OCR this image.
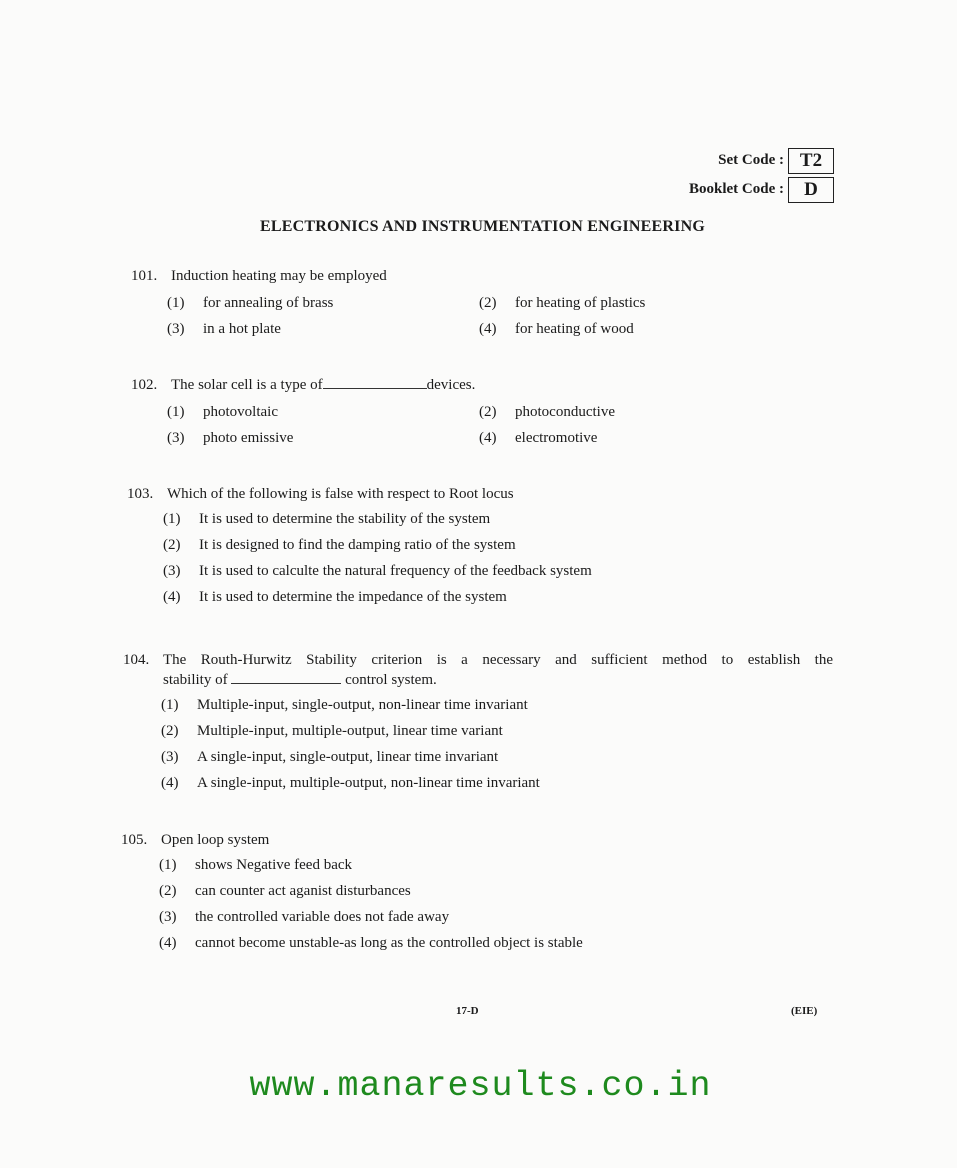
Set Code : T2
Booklet Code :	D
ELECTRONICS AND INSTRUMENTATION ENGINEERING
101. Induction heating may be employed
(1)	for annealing of brass	(2)	for heating of plastics
(3)	in a hot plate	(4)	for heating of wood
102. The solar cell is a type of	devices.
(1)	photovoltaic	(2)	photoconductive
(3)	photo emissive	(4)	electromotive
103. Which of the following is false with respect to Root locus
(1)	It is used to determine the stability of the system
(2)	It is designed to find the damping ratio of the system
(3)	It is used to calculte the natural frequency of the feedback system
(4)	It is used to determine the impedance of the system
104. The Routh-Hurwitz Stability criterion is a necessary and sufficient method to establish the
stability of	control system.
(1)	Multiple-input, single-output, non-linear time invariant
(2)	Multiple-input, multiple-output, linear time variant
(3)	A single-input, single-output, linear time invariant
(4)	A single-input, multiple-output, non-linear time invariant
105. Open loop system
(1)	shows Negative feed back
(2)	can counter act aganist disturbances
(3)	the controlled variable does not fade away
(4)	cannot become unstable-as long as the controlled object is stable
17-D	(EIE)
www.manaresults.co.in
